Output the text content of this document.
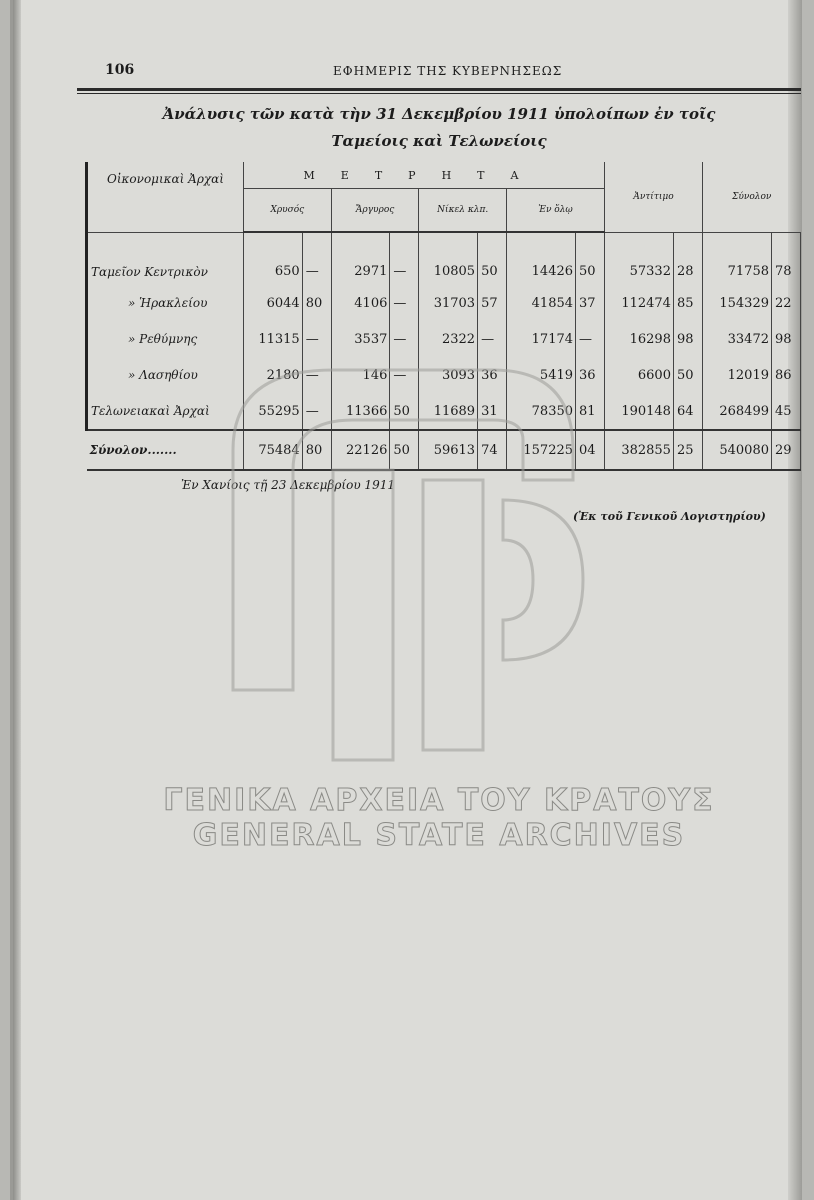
106	ΕΦΗΜΕΡΙΣ ΤΗΣ ΚΥΒΕΡΝΗΣΕΩΣ
Ἀνάλυσις τῶν κατὰ τὴν 31 Δεκεμβρίου 1911 ὑπολοίπων ἐν τοῖς
Ταμείοις καὶ Τελωνείοις
Οἰκονομικαὶ Ἀρχαὶ	ΜΕΤΡΗΤΑ								Ἀντίτιμο		Σύνολον	
	Χρυσός		Ἄργυρος		Νίκελ κλπ.		Ἐν ὅλῳ					
Ταμεῖον Κεντρικὸν	650	—	2971	—	10805	50	14426	50	57332	28	71758	78
» Ἡρακλείου	6044	80	4106	—	31703	57	41854	37	112474	85	154329	22
» Ρεθύμνης	11315	—	3537	—	2322	—	17174	—	16298	98	33472	98
» Λασηθίου	2180	—	146	—	3093	36	5419	36	6600	50	12019	86
Τελωνειακαὶ Ἀρχαὶ	55295	—	11366	50	11689	31	78350	81	190148	64	268499	45
Σύνολον.......	75484	80	22126	50	59613	74	157225	04	382855	25	540080	29
Ἐν Χανίοις τῇ 23 Δεκεμβρίου 1911
(Ἐκ τοῦ Γενικοῦ Λογιστηρίου)
ΓΕΝΙΚΑ ΑΡΧΕΙΑ ΤΟΥ ΚΡΑΤΟΥΣ
GENERAL STATE ARCHIVES
